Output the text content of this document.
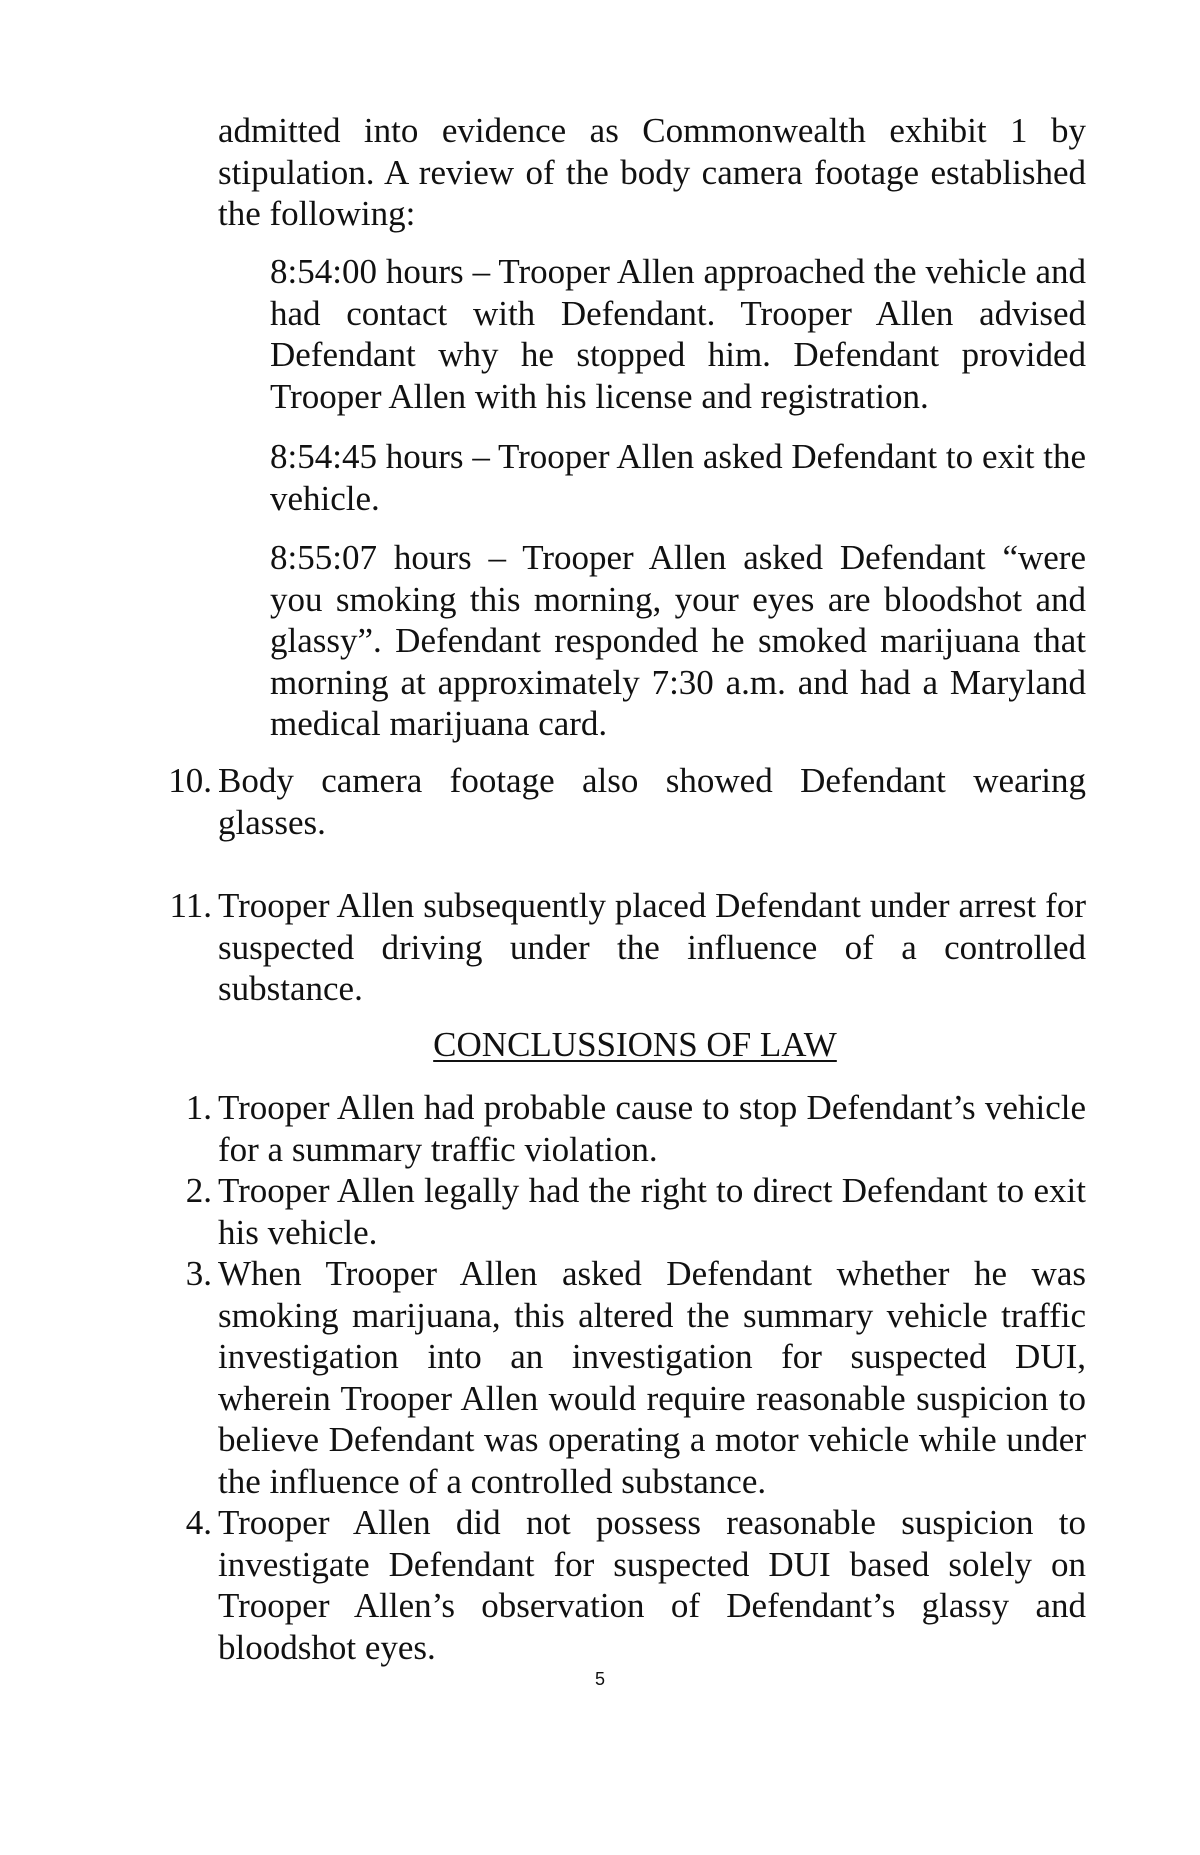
admitted into evidence as Commonwealth exhibit 1 by stipulation. A review of the body camera footage established the following:

8:54:00 hours – Trooper Allen approached the vehicle and had contact with Defendant. Trooper Allen advised Defendant why he stopped him. Defendant provided Trooper Allen with his license and registration.

8:54:45 hours – Trooper Allen asked Defendant to exit the vehicle.

8:55:07 hours – Trooper Allen asked Defendant “were you smoking this morning, your eyes are bloodshot and glassy”. Defendant responded he smoked marijuana that morning at approximately 7:30 a.m. and had a Maryland medical marijuana card.

10. Body camera footage also showed Defendant wearing glasses.
11. Trooper Allen subsequently placed Defendant under arrest for suspected driving under the influence of a controlled substance.
CONCLUSSIONS OF LAW
1. Trooper Allen had probable cause to stop Defendant’s vehicle for a summary traffic violation.
2. Trooper Allen legally had the right to direct Defendant to exit his vehicle.
3. When Trooper Allen asked Defendant whether he was smoking marijuana, this altered the summary vehicle traffic investigation into an investigation for suspected DUI, wherein Trooper Allen would require reasonable suspicion to believe Defendant was operating a motor vehicle while under the influence of a controlled substance.
4. Trooper Allen did not possess reasonable suspicion to investigate Defendant for suspected DUI based solely on Trooper Allen’s observation of Defendant’s glassy and bloodshot eyes.
5
